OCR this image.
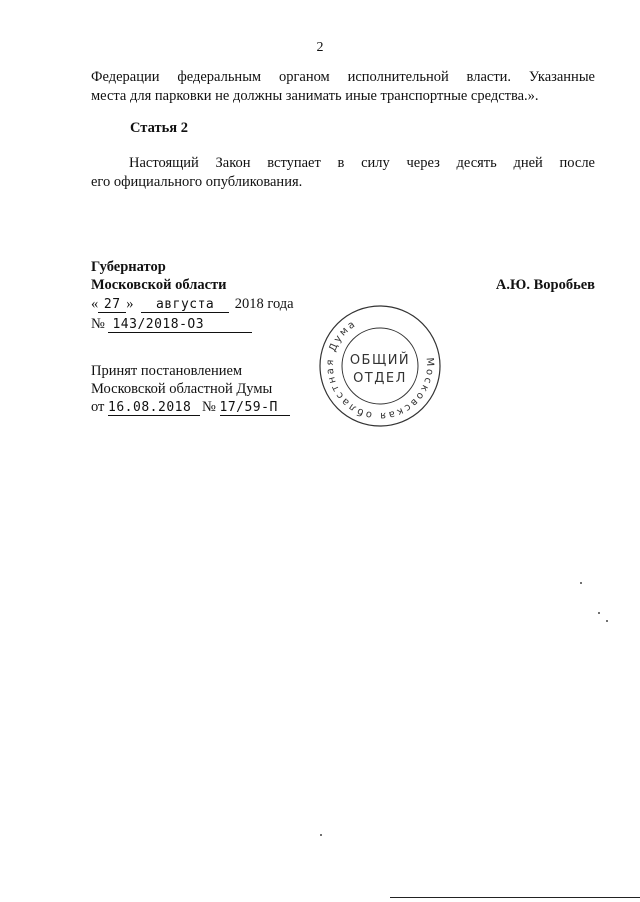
2
Федерации федеральным органом исполнительной власти. Указанные
места для парковки не должны занимать иные транспортные средства.».
Статья 2
Настоящий Закон вступает в силу через десять дней после
его официального опубликования.
Губернатор
Московской области
« 27 » августа 2018 года
№ 143/2018-ОЗ
А.Ю. Воробьев
Принят постановлением
Московской областной Думы
от 16.08.2018 № 17/59-П
Московская областная Дума
ОБЩИЙ
ОТДЕЛ
